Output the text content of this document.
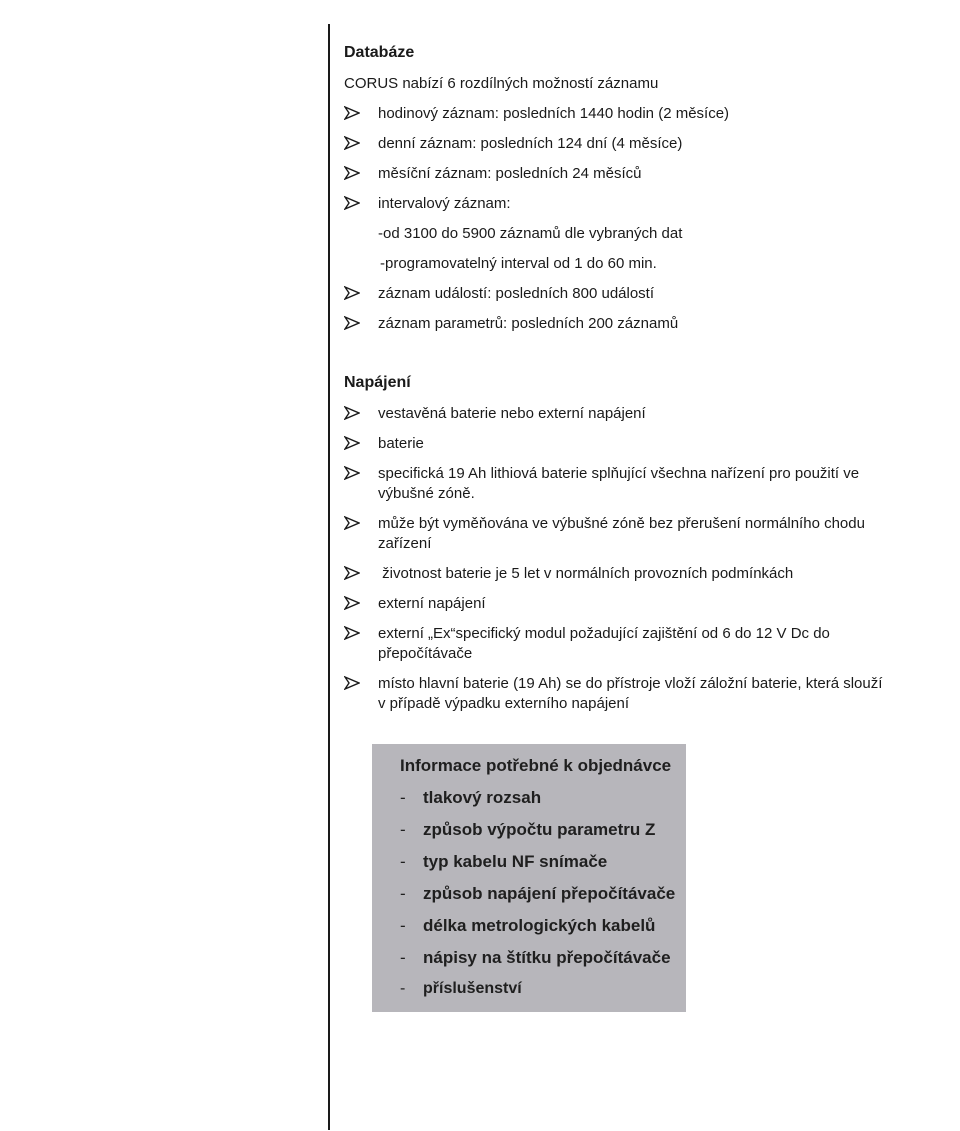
Databáze
CORUS nabízí 6 rozdílných možností záznamu
hodinový záznam: posledních 1440 hodin (2 měsíce)
denní záznam: posledních 124 dní (4 měsíce)
měsíční záznam: posledních 24 měsíců
intervalový záznam:
-od 3100 do 5900 záznamů dle vybraných dat
-programovatelný interval od 1 do 60 min.
záznam událostí: posledních 800 událostí
záznam parametrů: posledních 200 záznamů
Napájení
vestavěná baterie nebo externí napájení
baterie
specifická 19 Ah lithiová baterie splňující všechna nařízení pro použití ve výbušné zóně.
může být vyměňována ve výbušné zóně bez přerušení normálního chodu zařízení
životnost baterie je 5 let v normálních provozních podmínkách
externí napájení
externí „Ex“specifický modul požadující zajištění od 6 do 12 V Dc do přepočítávače
místo hlavní baterie (19 Ah) se do přístroje vloží záložní baterie, která slouží v případě výpadku externího napájení
Informace potřebné k objednávce
- tlakový rozsah
- způsob výpočtu parametru Z
- typ kabelu NF snímače
- způsob napájení přepočítávače
- délka metrologických kabelů
- nápisy na štítku přepočítávače
- příslušenství
